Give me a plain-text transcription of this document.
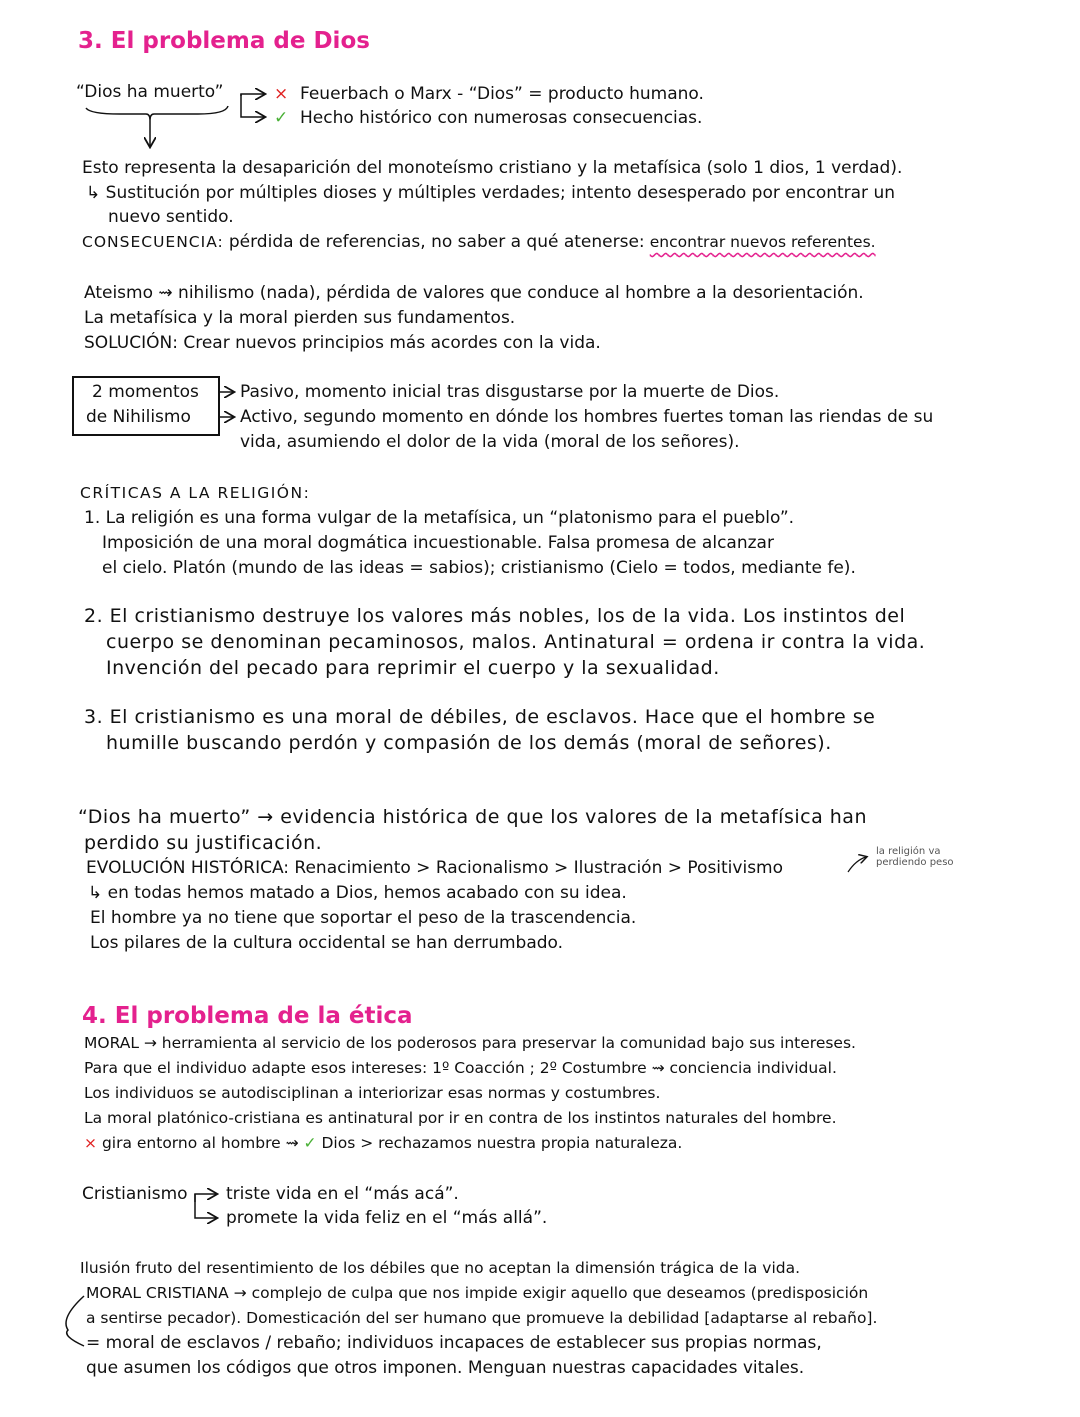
3. El problema de Dios
“Dios ha muerto”	× Feuerbach o Marx - “Dios” = producto humano.
✓ Hecho histórico con numerosas consecuencias.
Esto representa la desaparición del monoteísmo cristiano y la metafísica (solo 1 dios, 1 verdad).
↳ Sustitución por múltiples dioses y múltiples verdades; intento desesperado por encontrar un
nuevo sentido.
CONSECUENCIA: pérdida de referencias, no saber a qué atenerse: encontrar nuevos referentes.
Ateismo ⇝ nihilismo (nada), pérdida de valores que conduce al hombre a la desorientación.
La metafísica y la moral pierden sus fundamentos.
SOLUCIÓN: Crear nuevos principios más acordes con la vida.
2 momentos
de Nihilismo
Pasivo, momento inicial tras disgustarse por la muerte de Dios.
Activo, segundo momento en dónde los hombres fuertes toman las riendas de su
vida, asumiendo el dolor de la vida (moral de los señores).
CRÍTICAS A LA RELIGIÓN:
1. La religión es una forma vulgar de la metafísica, un “platonismo para el pueblo”.
Imposición de una moral dogmática incuestionable. Falsa promesa de alcanzar
el cielo. Platón (mundo de las ideas = sabios); cristianismo (Cielo = todos, mediante fe).
2. El cristianismo destruye los valores más nobles, los de la vida. Los instintos del
cuerpo se denominan pecaminosos, malos. Antinatural = ordena ir contra la vida.
Invención del pecado para reprimir el cuerpo y la sexualidad.
3. El cristianismo es una moral de débiles, de esclavos. Hace que el hombre se
humille buscando perdón y compasión de los demás (moral de señores).
“Dios ha muerto” → evidencia histórica de que los valores de la metafísica han
perdido su justificación.
EVOLUCIÓN HISTÓRICA: Renacimiento > Racionalismo > Ilustración > Positivismo
la religión va
perdiendo peso
↳ en todas hemos matado a Dios, hemos acabado con su idea.
El hombre ya no tiene que soportar el peso de la trascendencia.
Los pilares de la cultura occidental se han derrumbado.
4. El problema de la ética
MORAL → herramienta al servicio de los poderosos para preservar la comunidad bajo sus intereses.
Para que el individuo adapte esos intereses: 1º Coacción ; 2º Costumbre ⇝ conciencia individual.
Los individuos se autodisciplinan a interiorizar esas normas y costumbres.
La moral platónico-cristiana es antinatural por ir en contra de los instintos naturales del hombre.
× gira entorno al hombre ⇝ ✓ Dios > rechazamos nuestra propia naturaleza.
Cristianismo triste vida en el “más acá”.
promete la vida feliz en el “más allá”.
Ilusión fruto del resentimiento de los débiles que no aceptan la dimensión trágica de la vida.
MORAL CRISTIANA → complejo de culpa que nos impide exigir aquello que deseamos (predisposición
a sentirse pecador). Domesticación del ser humano que promueve la debilidad [adaptarse al rebaño].
= moral de esclavos / rebaño; individuos incapaces de establecer sus propias normas,
que asumen los códigos que otros imponen. Menguan nuestras capacidades vitales.
